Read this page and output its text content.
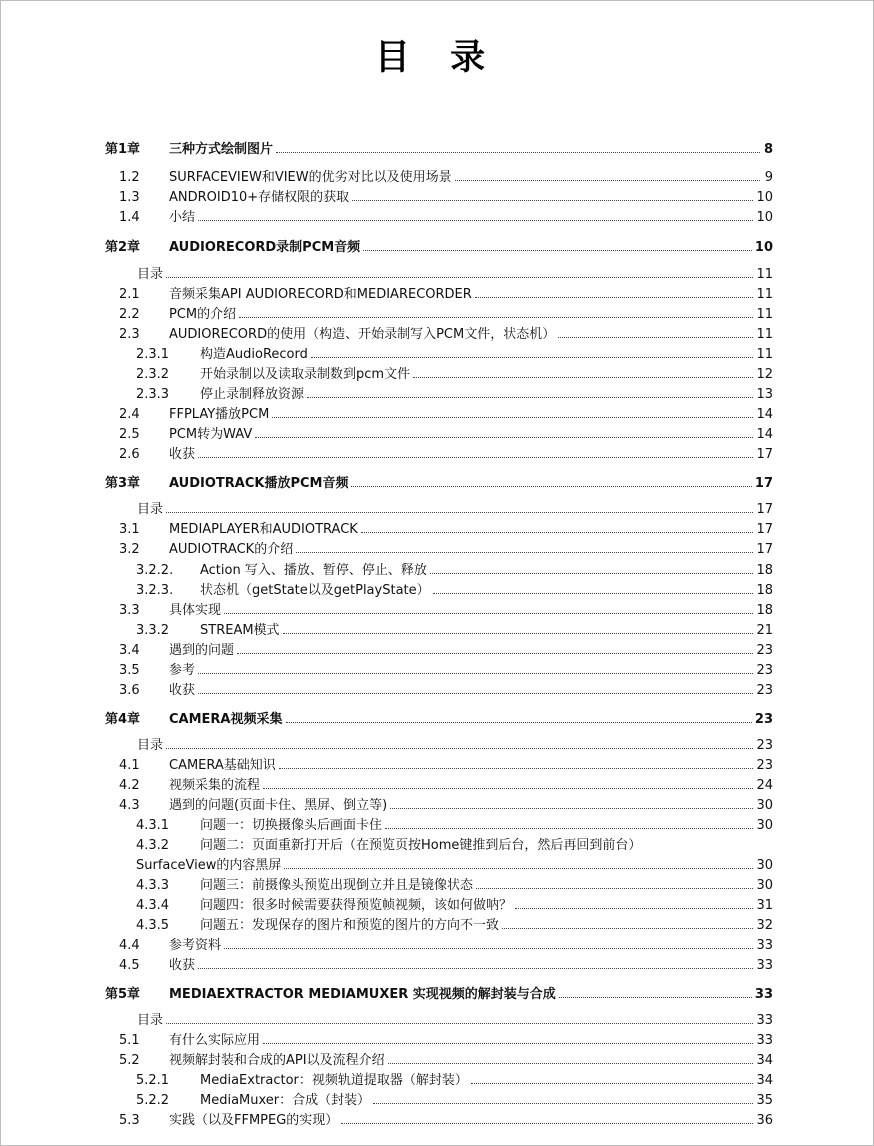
目 录
第1章	三种方式绘制图片	8
1.2	SURFACEVIEW和VIEW的优劣对比以及使用场景	9
1.3	ANDROID10+存储权限的获取	10
1.4	小结	10
第2章	AUDIORECORD录制PCM音频	10
目录	11
2.1	音频采集API AUDIORECORD和MEDIARECORDER	11
2.2	PCM的介绍	11
2.3	AUDIORECORD的使用（构造、开始录制写入PCM文件，状态机）	11
2.3.1	构造AudioRecord	11
2.3.2	开始录制以及读取录制数到pcm文件	12
2.3.3	停止录制释放资源	13
2.4	FFPLAY播放PCM	14
2.5	PCM转为WAV	14
2.6	收获	17
第3章	AUDIOTRACK播放PCM音频	17
目录	17
3.1	MEDIAPLAYER和AUDIOTRACK	17
3.2	AUDIOTRACK的介绍	17
3.2.2.	Action 写入、播放、暂停、停止、释放	18
3.2.3.	状态机（getState以及getPlayState）	18
3.3	具体实现	18
3.3.2	STREAM模式	21
3.4	遇到的问题	23
3.5	参考	23
3.6	收获	23
第4章	CAMERA视频采集	23
目录	23
4.1	CAMERA基础知识	23
4.2	视频采集的流程	24
4.3	遇到的问题(页面卡住、黑屏、倒立等)	30
4.3.1	问题一：切换摄像头后画面卡住	30
4.3.2	问题二：页面重新打开后（在预览页按Home键推到后台，然后再回到前台）
SurfaceView的内容黑屏	30
4.3.3	问题三：前摄像头预览出现倒立并且是镜像状态	30
4.3.4	问题四：很多时候需要获得预览帧视频，该如何做呐？	31
4.3.5	问题五：发现保存的图片和预览的图片的方向不一致	32
4.4	参考资料	33
4.5	收获	33
第5章	MEDIAEXTRACTOR MEDIAMUXER 实现视频的解封装与合成	33
目录	33
5.1	有什么实际应用	33
5.2	视频解封装和合成的API以及流程介绍	34
5.2.1	MediaExtractor：视频轨道提取器（解封装）	34
5.2.2	MediaMuxer：合成（封装）	35
5.3	实践（以及FFMPEG的实现）	36
